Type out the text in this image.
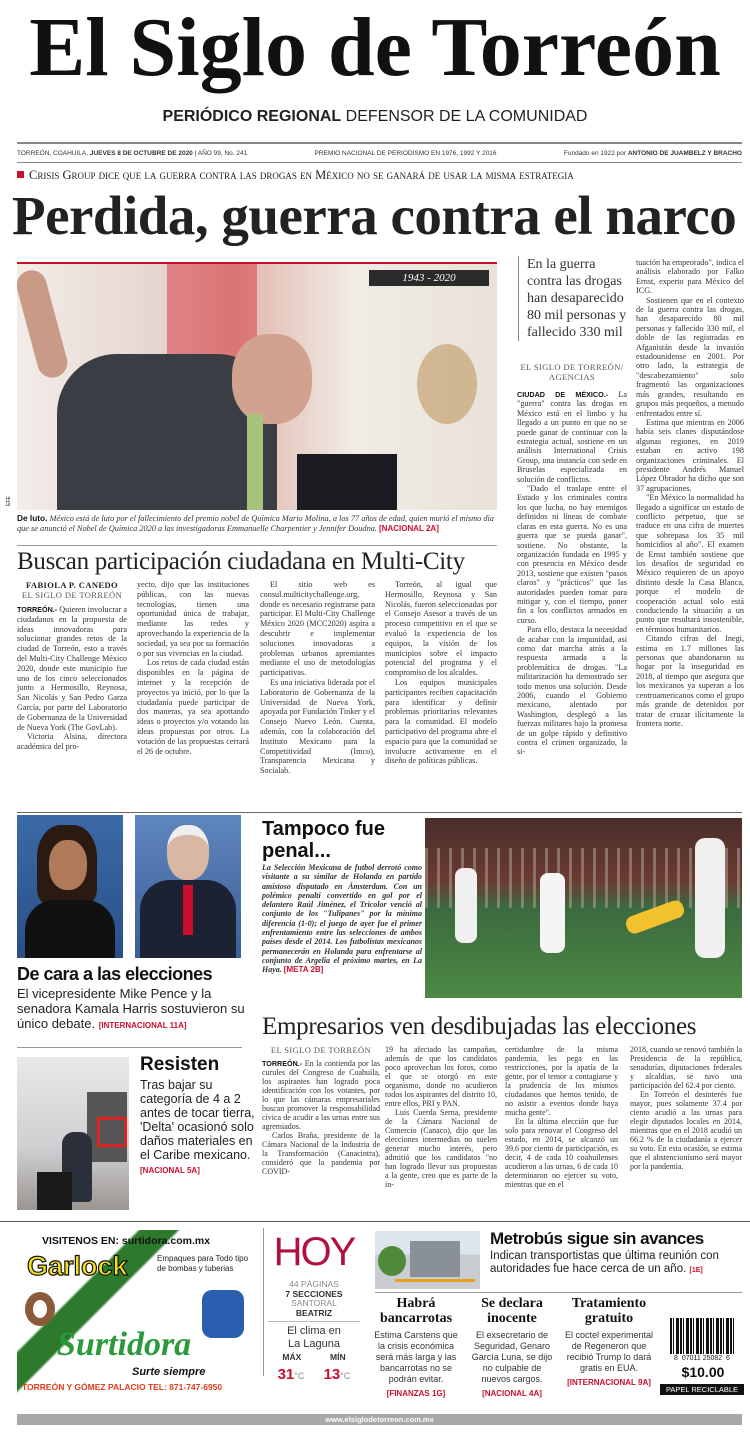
El Siglo de Torreón
PERIÓDICO REGIONAL DEFENSOR DE LA COMUNIDAD
TORREÓN, COAHUILA, JUEVES 8 DE OCTUBRE DE 2020 | AÑO 99, No. 241	PREMIO NACIONAL DE PERIODISMO EN 1976, 1992 Y 2016	Fundado en 1922 por ANTONIO DE JUAMBELZ Y BRACHO
Crisis Group dice que la guerra contra las drogas en México no se ganará de usar la misma estrategia
Perdida, guerra contra el narco
1943 - 2020
EFE
De luto. México está de luto por el fallecimiento del premio nobel de Química Mario Molina, a los 77 años de edad, quien murió el mismo día que se anunció el Nobel de Química 2020 a las investigadoras Emmanuelle Charpentier y Jennifer Doudna. [NACIONAL 2A]
Buscan participación ciudadana en Multi-City
FABIOLA P. CANEDO
EL SIGLO DE TORREÓN

TORREÓN.- Quieren involucrar a ciudadanos en la propuesta de ideas innovadoras para solucionar grandes retos de la ciudad de Torreón, esto a través del Multi-City Challenge México 2020, donde este municipio fue uno de los cinco seleccionados junto a Hermosillo, Reynosa, San Nicolás y San Pedro Garza García, por parte del Laboratorio de Gobernanza de la Universidad de Nueva York (The GovLab).

Victoria Alsina, directora académica del pro-

yecto, dijo que las instituciones públicas, con las nuevas tecnologías, tienen una oportunidad única de trabajar, mediante las redes y aprovechando la experiencia de la sociedad, ya sea por su formación o por sus vivencias en la ciudad.

Los retos de cada ciudad están disponibles en la página de internet y la recepción de proyectos ya inició, por lo que la ciudadanía puede participar de dos maneras, ya sea aportando ideas o proyectos y/o votando las ideas propuestas por otros. La votación de las propuestas cerrará el 26 de octubre.

El sitio web es consul.multicitychallenge.org, donde es necesario registrarse para participar. El Multi-City Challenge México 2020 (MCC2020) aspira a descubrir e implementar soluciones innovadoras a problemas urbanos apremiantes mediante el uso de metodologías participativas.

Es una iniciativa liderada por el Laboratorio de Gobernanza de la Universidad de Nueva York, apoyada por Fundación Tinker y el Consejo Nuevo León. Cuenta, además, con la colaboración del Instituto Mexicano para la Competitividad (Imco), Transparencia Mexicana y Socialab.

Torreón, al igual que Hermosillo, Reynosa y San Nicolás, fueron seleccionadas por el Consejo Asesor a través de un proceso competitivo en el que se evaluó la experiencia de los equipos, la visión de los municipios sobre el impacto potencial del programa y el compromiso de los alcaldes.

Los equipos municipales participantes reciben capacitación para identificar y definir problemas prioritarios relevantes para la comunidad. El modelo participativo del programa abre el espacio para que la comunidad se involucre activamente en el diseño de políticas públicas.

En la guerra contra las drogas han desaparecido 80 mil personas y fallecido 330 mil
EL SIGLO DE TORREÓN/ AGENCIAS

CIUDAD DE MÉXICO.- La "guerra" contra las drogas en México está en el limbo y ha llegado a un punto en que no se puede ganar de continuar con la estrategia actual, sostiene en un análisis International Crisis Group, una instancia con sede en Bruselas especializada en solución de conflictos.

"Dado el traslape entre el Estado y los criminales contra los que lucha, no hay enemigos definidos ni líneas de combate claras en esta guerra. No es una guerra que se pueda ganar", sostiene. No obstante, la organización fundada en 1995 y con presencia en México desde 2013, sostiene que existen "pasos claros" y "prácticos" que las autoridades pueden tomar para mitigar y, con el tiempo, poner fin a los conflictos armados en curso.

Para ello, destaca la necesidad de acabar con la impunidad, así como dar marcha atrás a la respuesta armada a la problemática de drogas. "La militarización ha demostrado ser todo menos una solución. Desde 2006, cuando el Gobierno mexicano, alentado por Washington, desplegó a las fuerzas militares bajo la promesa de un golpe rápido y definitivo contra el crimen organizado, la si-

tuación ha empeorado", indica el análisis elaborado por Falko Ernst, experto para México del ICG.

Sostienen que en el contexto de la guerra contra las drogas, han desaparecido 80 mil personas y fallecido 330 mil, el doble de las registradas en Afganistán desde la invasión estadounidense en 2001. Por otro lado, la estrategia de "descabezamiento" solo fragmentó las organizaciones más grandes, resultando en grupos más pequeños, a menudo enfrentados entre sí.

Estima que mientras en 2006 había seis clanes disputándose algunas regiones, en 2019 estaban en activo 198 organizaciones criminales. El presidente Andrés Manuel López Obrador ha dicho que son 37 agrupaciones.

"En México la normalidad ha llegado a significar un estado de conflicto perpetuo, que se traduce en una cifra de muertes que sobrepasa los 35 mil homicidios al año". El examen de Ernst también sostiene que los desafíos de seguridad en México requieren de un apoyo distinto desde la Casa Blanca, porque el modelo de cooperación actual solo está conduciendo la situación a un punto que resultará insostenible, en términos humanitarios.

Citando cifras del Inegi, estima en 1.7 millones las personas que abandonaron su hogar por la inseguridad en 2018, al tiempo que asegura que los mexicanos ya superan a los centroamericanos como el grupo más grande de detenidos por tratar de cruzar ilícitamente la frontera norte.

De cara a las elecciones
El vicepresidente Mike Pence y la senadora Kamala Harris sostuvieron su único debate. [INTERNACIONAL 11A]
Resisten
Tras bajar su categoría de 4 a 2 antes de tocar tierra, 'Delta' ocasionó solo daños materiales en el Caribe mexicano.
[NACIONAL 5A]
Tampoco fue penal...
La Selección Mexicana de futbol derrotó como visitante a su similar de Holanda en partido amistoso disputado en Ámsterdam. Con un polémico penalti convertido en gol por el delantero Raúl Jiménez, el Tricolor venció al conjunto de los "Tulipanes" por la mínima diferencia (1-0); el juego de ayer fue el primer enfrentamiento entre las selecciones de ambos países desde el 2014. Los futbolistas mexicanos permanecerán en Holanda para enfrentarse al conjunto de Argelia el próximo martes, en La Haya. [META 2B]
Empresarios ven desdibujadas las elecciones
EL SIGLO DE TORREÓN

TORREÓN.- En la contienda por las curules del Congreso de Coahuila, los aspirantes han logrado poca identificación con los votantes, por lo que las cámaras empresariales buscan promover la responsabilidad cívica de acudir a las urnas entre sus agremiados.

Carlos Braña, presidente de la Cámara Nacional de la Industria de la Transformación (Canacintra), consideró que la pandemia por COVID-

19 ha afectado las campañas, además de que los candidatos poco aprovechan los foros, como el que se otorgó en este organismo, donde no acudieron todos los aspirantes del distrito 10, entre ellos, PRI y PAN.

Luis Cuerda Serna, presidente de la Cámara Nacional de Comercio (Canaco), dijo que las elecciones intermedias no suelen generar mucho interés, pero admitió que los candidatos "no han logrado llevar sus propuestas a la gente, creo que es parte de la in-

certidumbre de la misma pandemia, les pega en las restricciones, por la apatía de la gente, por el temor a contagiarse y la prudencia de los mismos ciudadanos que hemos tenido, de no asistir a eventos donde haya mucha gente".

En la última elección que fue solo para renovar el Congreso del estado, en 2014, se alcanzó un 39.6 por ciento de participación, es decir, 4 de cada 10 coahuilenses acudieron a las urnas, 6 de cada 10 determinaron no ejercer su voto, mientras que en el

2018, cuando se renovó también la Presidencia de la república, senadurías, diputaciones federales y alcaldías, se tuvo una participación del 62.4 por ciento.

En Torreón el desinterés fue mayor, pues solamente 37.4 por ciento acudió a las urnas para elegir diputados locales en 2014, mientras que en el 2018 acudió un 66.2 % de la ciudadanía a ejercer su voto. En esta ocasión, se estima que el abstencionismo será mayor por la pandemia.

VISITENOS EN: surtidora.com.mx
Garlock	Empaques para Todo tipo de bombas y tuberias
Surtidora
Surte siempre
TORREÓN Y GÓMEZ PALACIO TEL: 871-747-6950
HOY
44 PÁGINAS
7 SECCIONES
SANTORAL
BEATRIZ
El clima en La Laguna
MÁX	MÍN
31°C 13°C
Metrobús sigue sin avances
Indican transportistas que última reunión con autoridades fue hace cerca de un año. [1E]
Habrá bancarrotas

Estima Carstens que la crisis económica será más larga y las bancarrotas no se podrán evitar.

[FINANZAS 1G]
Se declara inocente

El exsecretario de Seguridad, Genaro García Luna, se dijo no culpable de nuevos cargos.

[NACIONAL 4A]
Tratamiento gratuito

El coctel experimental de Regeneron que recibió Trump lo dará gratis en EUA.

[INTERNACIONAL 9A]
8  07011 25082  6
$10.00
PAPEL RECICLABLE
www.elsiglodetorreon.com.mx
